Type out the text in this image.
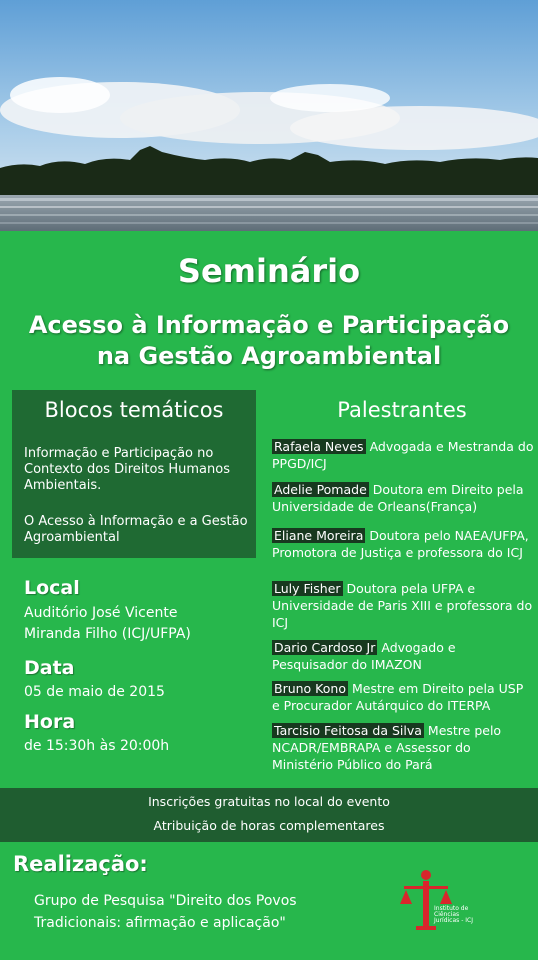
Seminário
Acesso à Informação e Participação
na Gestão Agroambiental
Blocos temáticos
Informação e Participação no Contexto dos Direitos Humanos Ambientais.
O Acesso à Informação e a Gestão Agroambiental
Local
Auditório José Vicente
Miranda Filho (ICJ/UFPA)
Data
05 de maio de 2015
Hora
de 15:30h às 20:00h
Palestrantes
Rafaela Neves Advogada e Mestranda do PPGD/ICJ
Adelie Pomade Doutora em Direito pela Universidade de Orleans(França)
Eliane Moreira Doutora pelo NAEA/UFPA, Promotora de Justiça e professora do ICJ
Luly Fisher Doutora pela UFPA e Universidade de Paris XIII e professora do ICJ
Dario Cardoso Jr Advogado e Pesquisador do IMAZON
Bruno Kono Mestre em Direito pela USP e Procurador Autárquico do ITERPA
Tarcisio Feitosa da Silva Mestre pelo NCADR/EMBRAPA e Assessor do Ministério Público do Pará
Inscrições gratuitas no local do evento
Atribuição de horas complementares
Realização:
Grupo de Pesquisa "Direito dos Povos
Tradicionais: afirmação e aplicação"
Instituto de Ciências Jurídicas - ICJ
